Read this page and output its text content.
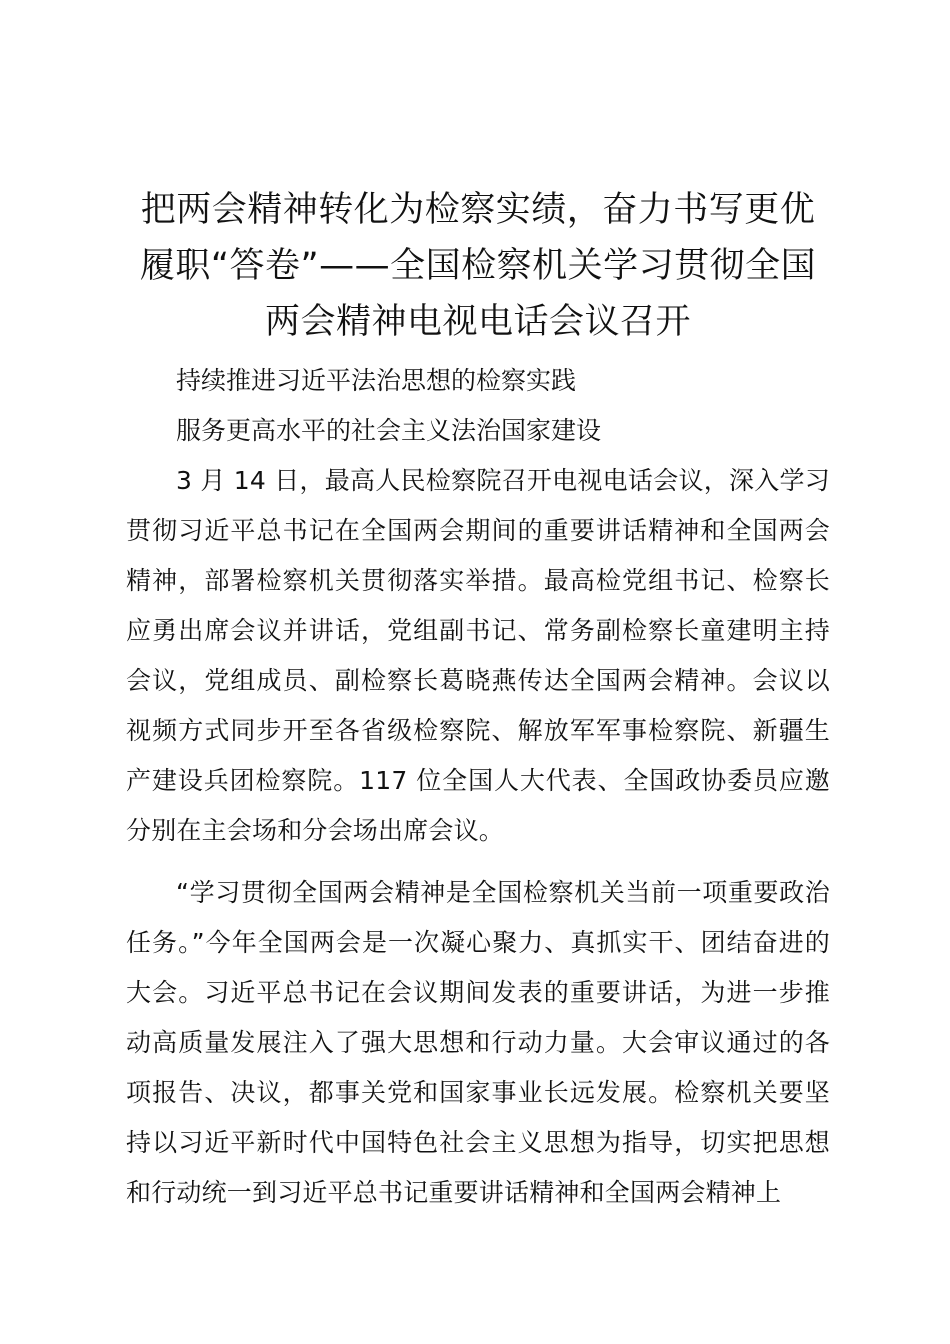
把两会精神转化为检察实绩，奋力书写更优履职“答卷”——全国检察机关学习贯彻全国两会精神电视电话会议召开

持续推进习近平法治思想的检察实践

服务更高水平的社会主义法治国家建设

3 月 14 日，最高人民检察院召开电视电话会议，深入学习贯彻习近平总书记在全国两会期间的重要讲话精神和全国两会精神，部署检察机关贯彻落实举措。最高检党组书记、检察长应勇出席会议并讲话，党组副书记、常务副检察长童建明主持会议，党组成员、副检察长葛晓燕传达全国两会精神。会议以视频方式同步开至各省级检察院、解放军军事检察院、新疆生产建设兵团检察院。117 位全国人大代表、全国政协委员应邀分别在主会场和分会场出席会议。

“学习贯彻全国两会精神是全国检察机关当前一项重要政治任务。”今年全国两会是一次凝心聚力、真抓实干、团结奋进的大会。习近平总书记在会议期间发表的重要讲话，为进一步推动高质量发展注入了强大思想和行动力量。大会审议通过的各项报告、决议，都事关党和国家事业长远发展。检察机关要坚持以习近平新时代中国特色社会主义思想为指导，切实把思想和行动统一到习近平总书记重要讲话精神和全国两会精神上
